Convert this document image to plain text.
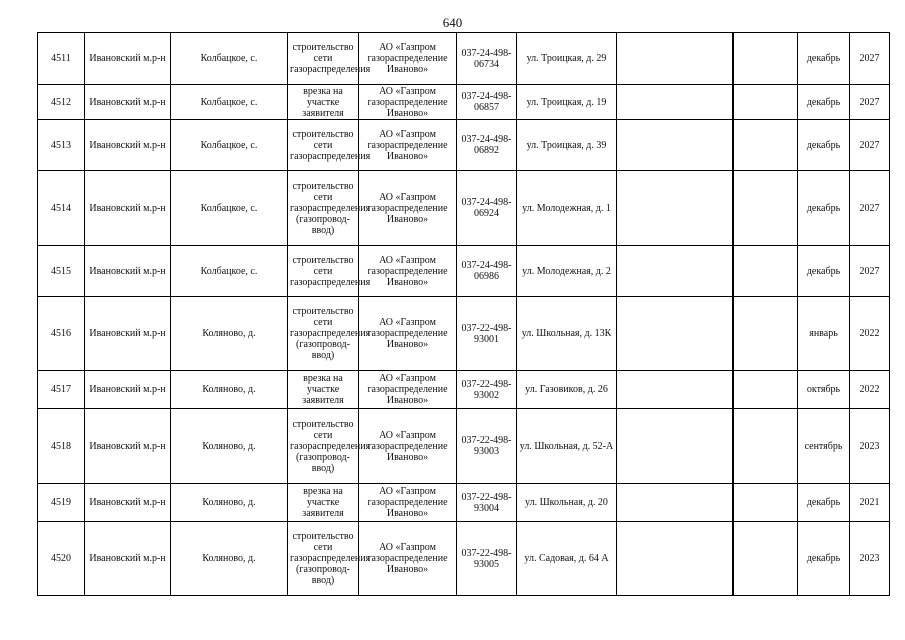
640
4511	Ивановский м.р-н	Колбацкое, с.	строительство сети газораспределения	АО «Газпром газораспределение Иваново»	037-24-498-06734	ул. Троицкая, д. 29				декабрь	2027
4512	Ивановский м.р-н	Колбацкое, с.	врезка на участке заявителя	АО «Газпром газораспределение Иваново»	037-24-498-06857	ул. Троицкая, д. 19				декабрь	2027
4513	Ивановский м.р-н	Колбацкое, с.	строительство сети газораспределения	АО «Газпром газораспределение Иваново»	037-24-498-06892	ул. Троицкая, д. 39				декабрь	2027
4514	Ивановский м.р-н	Колбацкое, с.	строительство сети газораспределения (газопровод-ввод)	АО «Газпром газораспределение Иваново»	037-24-498-06924	ул. Молодежная, д. 1				декабрь	2027
4515	Ивановский м.р-н	Колбацкое, с.	строительство сети газораспределения	АО «Газпром газораспределение Иваново»	037-24-498-06986	ул. Молодежная, д. 2				декабрь	2027
4516	Ивановский м.р-н	Коляново, д.	строительство сети газораспределения (газопровод-ввод)	АО «Газпром газораспределение Иваново»	037-22-498-93001	ул. Школьная, д. 13К				январь	2022
4517	Ивановский м.р-н	Коляново, д.	врезка на участке заявителя	АО «Газпром газораспределение Иваново»	037-22-498-93002	ул. Газовиков, д. 26				октябрь	2022
4518	Ивановский м.р-н	Коляново, д.	строительство сети газораспределения (газопровод-ввод)	АО «Газпром газораспределение Иваново»	037-22-498-93003	ул. Школьная, д. 52-А				сентябрь	2023
4519	Ивановский м.р-н	Коляново, д.	врезка на участке заявителя	АО «Газпром газораспределение Иваново»	037-22-498-93004	ул. Школьная, д. 20				декабрь	2021
4520	Ивановский м.р-н	Коляново, д.	строительство сети газораспределения (газопровод-ввод)	АО «Газпром газораспределение Иваново»	037-22-498-93005	ул. Садовая, д. 64 А				декабрь	2023
